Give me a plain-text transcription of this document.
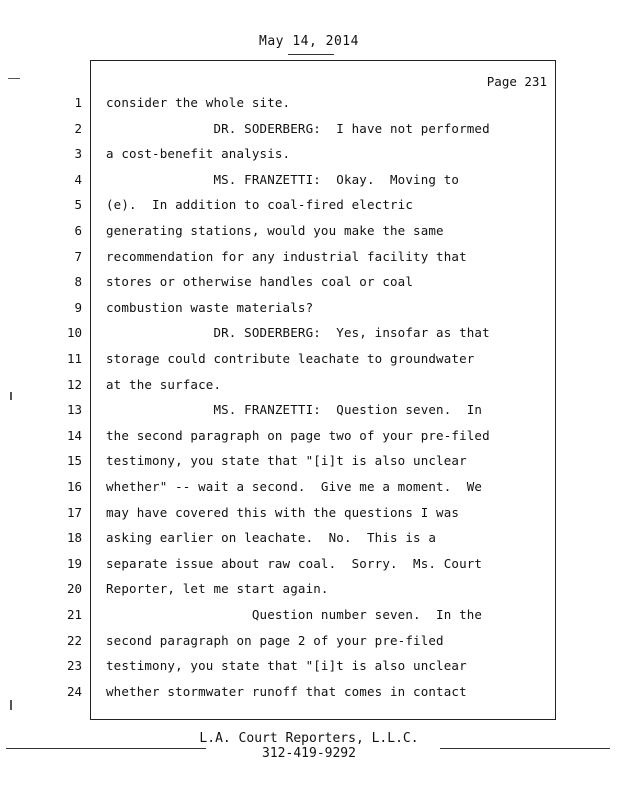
May 14, 2014
Page 231
1 consider the whole site.
2 DR. SODERBERG:  I have not performed
3 a cost-benefit analysis.
4 MS. FRANZETTI:  Okay.  Moving to
5 (e).  In addition to coal-fired electric
6 generating stations, would you make the same
7 recommendation for any industrial facility that
8 stores or otherwise handles coal or coal
9 combustion waste materials?
10 DR. SODERBERG:  Yes, insofar as that
11 storage could contribute leachate to groundwater
12 at the surface.
13 MS. FRANZETTI:  Question seven.  In
14 the second paragraph on page two of your pre-filed
15 testimony, you state that "[i]t is also unclear
16 whether" -- wait a second.  Give me a moment.  We
17 may have covered this with the questions I was
18 asking earlier on leachate.  No.  This is a
19 separate issue about raw coal.  Sorry.  Ms. Court
20 Reporter, let me start again.
21 Question number seven.  In the
22 second paragraph on page 2 of your pre-filed
23 testimony, you state that "[i]t is also unclear
24 whether stormwater runoff that comes in contact
L.A. Court Reporters, L.L.C.
312-419-9292
